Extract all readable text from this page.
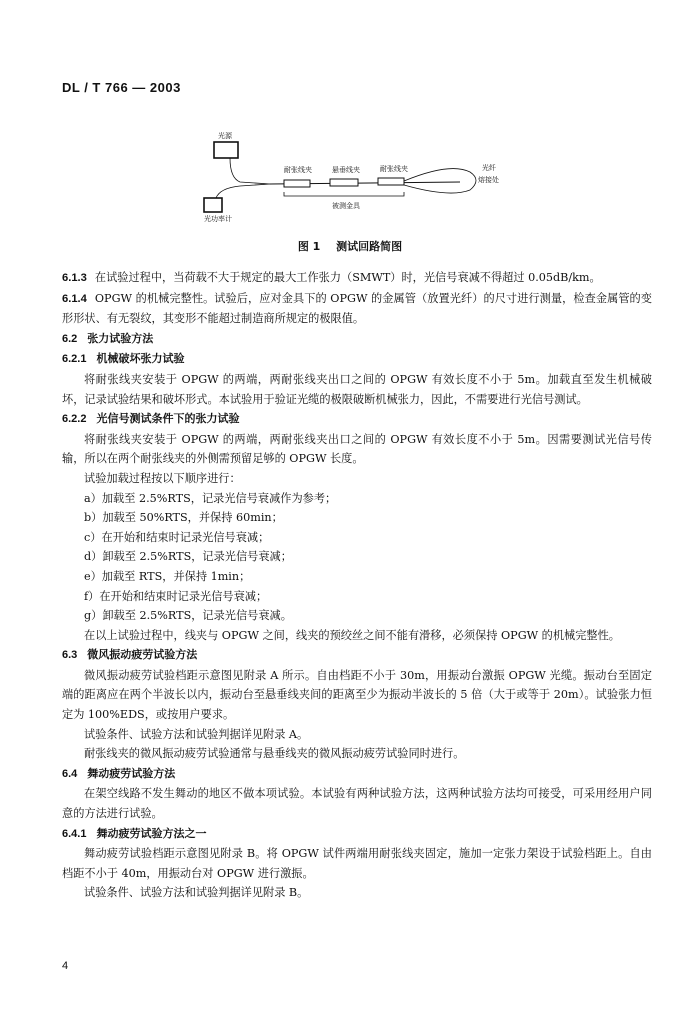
DL / T 766 — 2003
光源
光功率计
耐张线夹	悬垂线夹	耐张线夹	光纤
熔接处
被测金具
图 1 测试回路简图
6.1.3 在试验过程中，当荷载不大于规定的最大工作张力（SMWT）时，光信号衰减不得超过 0.05dB/km。
6.1.4 OPGW 的机械完整性。试验后，应对金具下的 OPGW 的金属管（放置光纤）的尺寸进行测量，检查金属管的变形形状、有无裂纹，其变形不能超过制造商所规定的极限值。
6.2 张力试验方法
6.2.1 机械破坏张力试验
将耐张线夹安装于 OPGW 的两端，两耐张线夹出口之间的 OPGW 有效长度不小于 5m。加载直至发生机械破坏，记录试验结果和破坏形式。本试验用于验证光缆的极限破断机械张力，因此，不需要进行光信号测试。
6.2.2 光信号测试条件下的张力试验
将耐张线夹安装于 OPGW 的两端，两耐张线夹出口之间的 OPGW 有效长度不小于 5m。因需要测试光信号传输，所以在两个耐张线夹的外侧需预留足够的 OPGW 长度。
试验加载过程按以下顺序进行：
a）加载至 2.5%RTS，记录光信号衰减作为参考；
b）加载至 50%RTS，并保持 60min；
c）在开始和结束时记录光信号衰减；
d）卸载至 2.5%RTS，记录光信号衰减；
e）加载至 RTS，并保持 1min；
f）在开始和结束时记录光信号衰减；
g）卸载至 2.5%RTS，记录光信号衰减。
在以上试验过程中，线夹与 OPGW 之间，线夹的预绞丝之间不能有滑移，必须保持 OPGW 的机械完整性。
6.3 微风振动疲劳试验方法
微风振动疲劳试验档距示意图见附录 A 所示。自由档距不小于 30m，用振动台激振 OPGW 光缆。振动台至固定端的距离应在两个半波长以内，振动台至悬垂线夹间的距离至少为振动半波长的 5 倍（大于或等于 20m）。试验张力恒定为 100%EDS，或按用户要求。
试验条件、试验方法和试验判据详见附录 A。
耐张线夹的微风振动疲劳试验通常与悬垂线夹的微风振动疲劳试验同时进行。
6.4 舞动疲劳试验方法
在架空线路不发生舞动的地区不做本项试验。本试验有两种试验方法，这两种试验方法均可接受，可采用经用户同意的方法进行试验。
6.4.1 舞动疲劳试验方法之一
舞动疲劳试验档距示意图见附录 B。将 OPGW 试件两端用耐张线夹固定，施加一定张力架设于试验档距上。自由档距不小于 40m，用振动台对 OPGW 进行激振。
试验条件、试验方法和试验判据详见附录 B。
4
